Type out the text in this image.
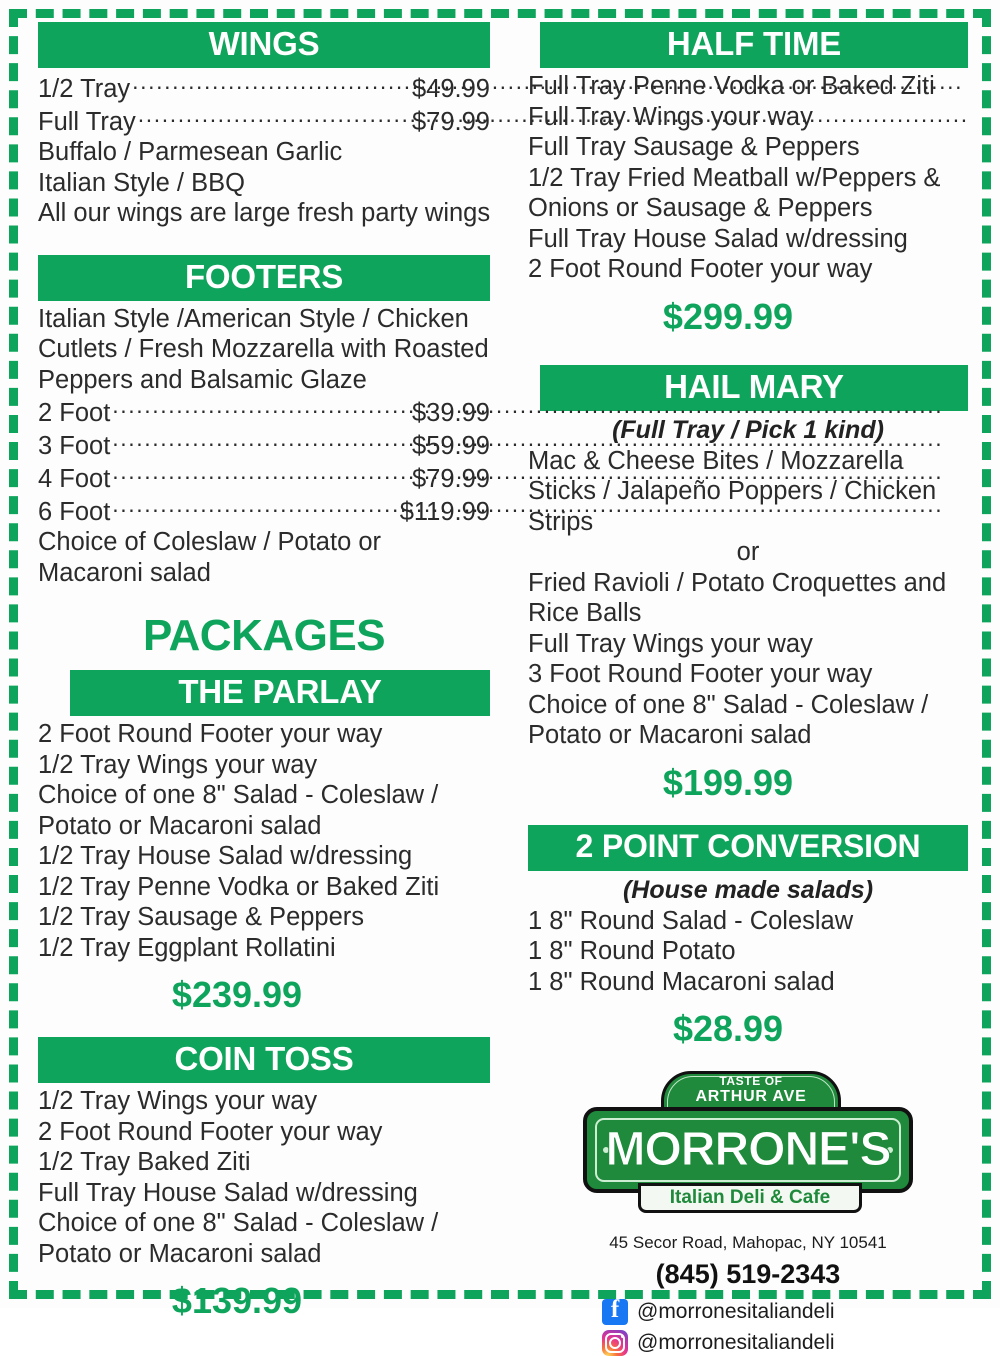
WINGS
1/2 Tray .....	$49.99
Full Tray .....	$79.99
Buffalo / Parmesean Garlic
Italian Style / BBQ
All our wings are large fresh party wings
FOOTERS
Italian Style /American Style / Chicken Cutlets / Fresh Mozzarella with Roasted Peppers and Balsamic Glaze
2 Foot .....	$39.99
3 Foot .....	$59.99
4 Foot .....	$79.99
6 Foot .....	$119.99
Choice of Coleslaw / Potato or Macaroni salad
PACKAGES
THE PARLAY
2 Foot Round Footer your way
1/2 Tray Wings your way
Choice of one 8" Salad - Coleslaw / Potato or Macaroni salad
1/2 Tray House Salad w/dressing
1/2 Tray Penne Vodka or Baked Ziti
1/2 Tray Sausage & Peppers
1/2 Tray Eggplant Rollatini
$239.99
COIN TOSS
1/2 Tray Wings your way
2 Foot Round Footer your way
1/2 Tray Baked Ziti
Full Tray House Salad w/dressing
Choice of one 8" Salad - Coleslaw / Potato or Macaroni salad
$139.99
HALF TIME
Full Tray Penne Vodka or Baked Ziti
Full Tray Wings your way
Full Tray Sausage & Peppers
1/2 Tray Fried Meatball w/Peppers & Onions or Sausage & Peppers
Full Tray House Salad w/dressing
2 Foot Round Footer your way
$299.99
HAIL MARY
(Full Tray / Pick 1 kind)
Mac & Cheese Bites / Mozzarella Sticks / Jalapeño Poppers / Chicken Strips
or
Fried Ravioli / Potato Croquettes and Rice Balls
Full Tray Wings your way
3 Foot Round Footer your way
Choice of one 8" Salad - Coleslaw / Potato or Macaroni salad
$199.99
2 POINT CONVERSION
(House made salads)
1 8" Round Salad - Coleslaw
1 8" Round Potato
1 8" Round Macaroni salad
$28.99
TASTE OF
ARTHUR AVE
MORRONE'S
Italian Deli & Cafe
45 Secor Road, Mahopac, NY 10541
(845) 519-2343
f
@morronesitaliandeli
@morronesitaliandeli
